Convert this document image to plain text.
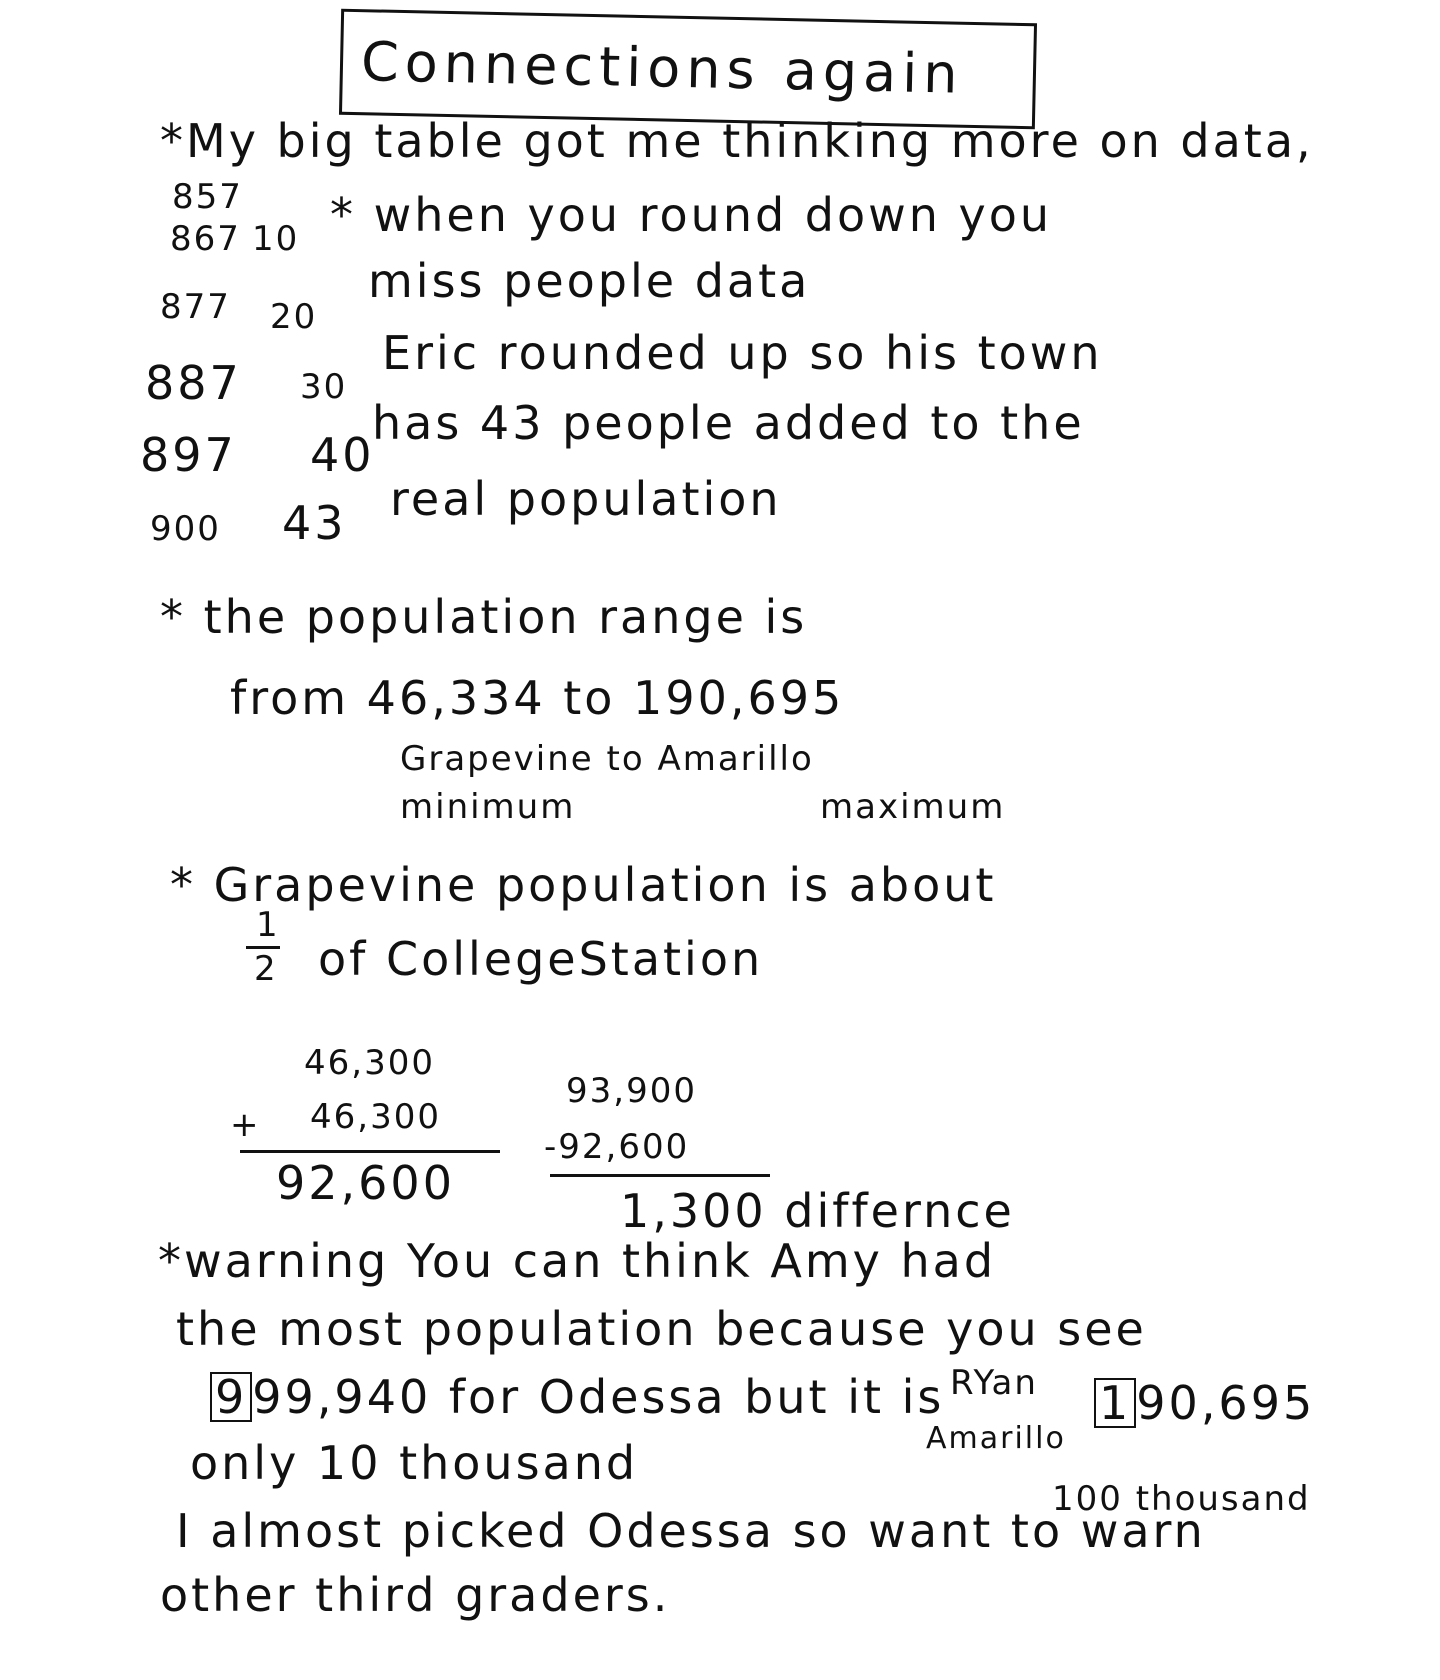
Connections again
*My big table got me thinking more on data,
857
867 10
877 20
887 30
897 40
900 43
* when you round down you
miss people data
Eric rounded up so his town
has 43 people added to the
real population
* the population range is
from 46,334 to 190,695
Grapevine to Amarillo
minimum	maximum
* Grapevine population is about
1
2 of CollegeStation
46,300
+ 46,300
92,600
93,900
-92,600
1,300 differnce
*warning You can think Amy had
the most population because you see
9 99,940 for Odessa but it is RYan 1 90,695
Amarillo
only 10 thousand
100 thousand
I almost picked Odessa so want to warn
other third graders.
